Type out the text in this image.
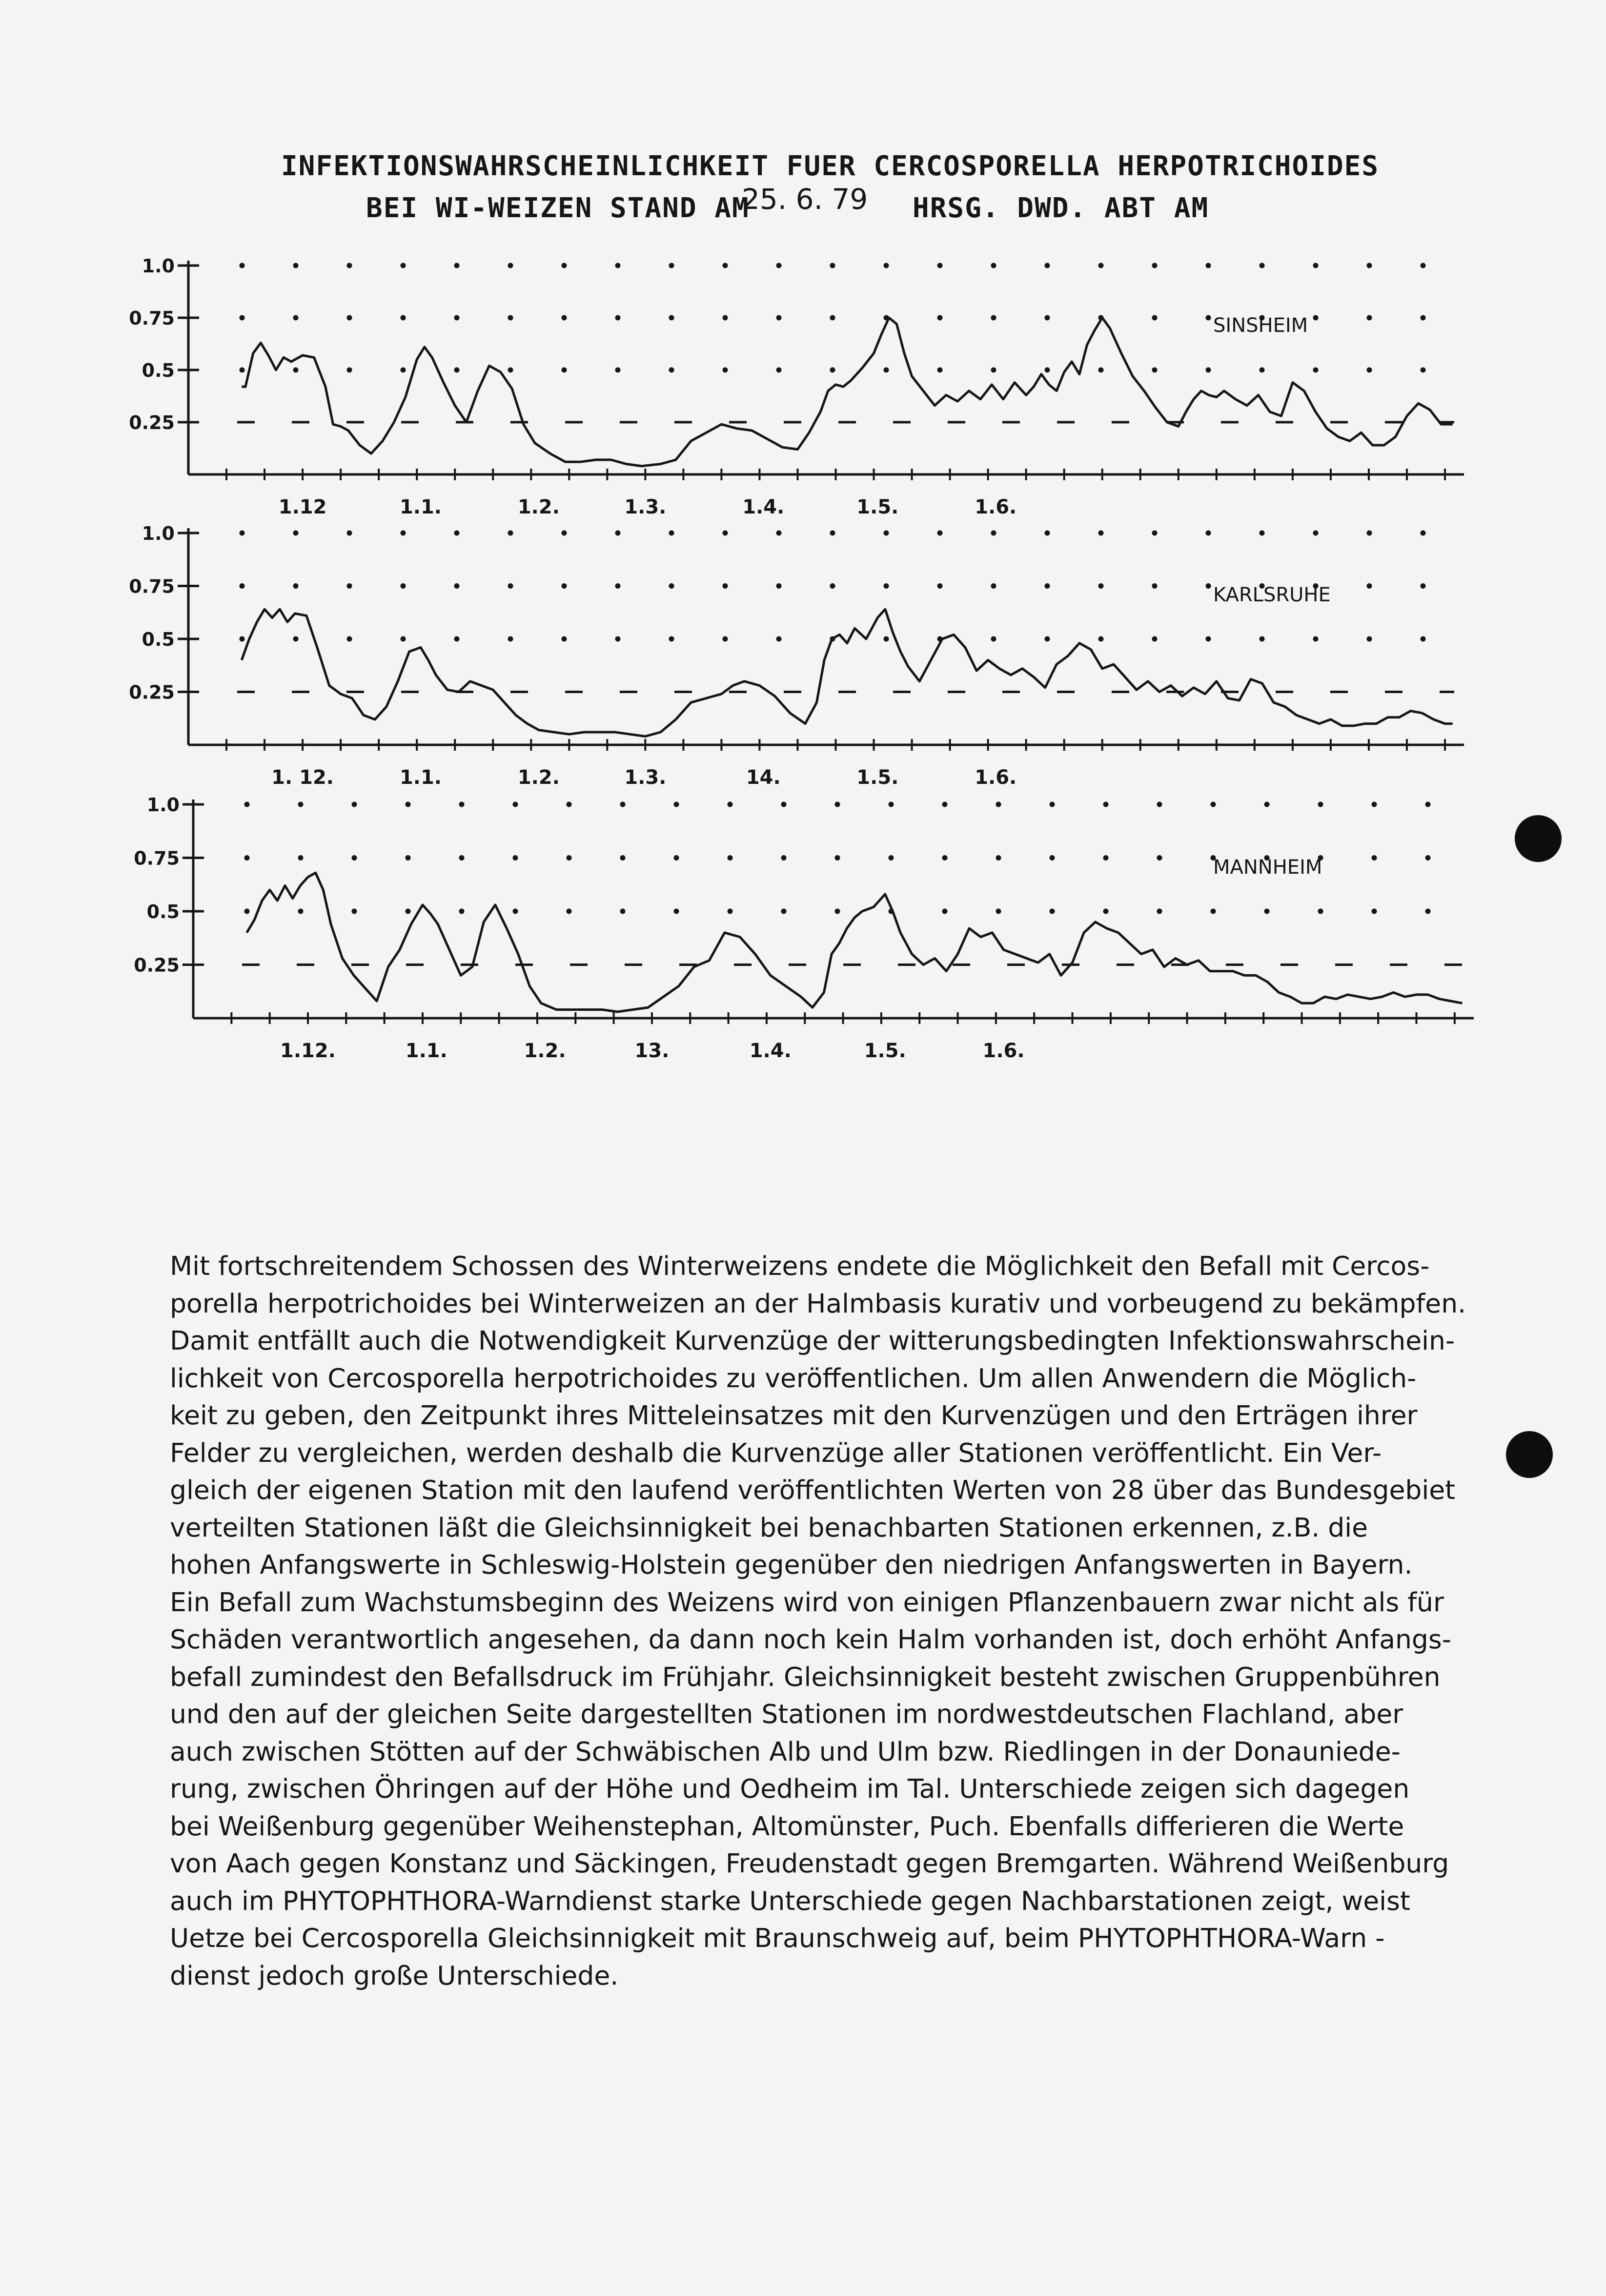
INFEKTIONSWAHRSCHEINLICHKEIT FUER CERCOSPORELLA HERPOTRICHOIDES
BEI WI-WEIZEN STAND AM
25. 6. 79 HRSG. DWD. ABT AM
1.0
0.75
0.5
0.25
1.12	1.1.	1.2.	1.3.	1.4.	1.5.	1.6.
SINSHEIM
1.0
0.75
0.5
0.25
1. 12.	1.1.	1.2.	1.3.	14.	1.5.	1.6.
KARLSRUHE
1.0
0.75
0.5
0.25
1.12.	1.1.	1.2.	13.	1.4.	1.5.	1.6.
MANNHEIM
Mit fortschreitendem Schossen des Winterweizens endete die Möglichkeit den Befall mit Cercos-
porella herpotrichoides bei Winterweizen an der Halmbasis kurativ und vorbeugend zu bekämpfen.
Damit entfällt auch die Notwendigkeit Kurvenzüge der witterungsbedingten Infektionswahrschein-
lichkeit von Cercosporella herpotrichoides zu veröffentlichen. Um allen Anwendern die Möglich-
keit zu geben, den Zeitpunkt ihres Mitteleinsatzes mit den Kurvenzügen und den Erträgen ihrer
Felder zu vergleichen, werden deshalb die Kurvenzüge aller Stationen veröffentlicht. Ein Ver-
gleich der eigenen Station mit den laufend veröffentlichten Werten von 28 über das Bundesgebiet
verteilten Stationen läßt die Gleichsinnigkeit bei benachbarten Stationen erkennen, z.B. die
hohen Anfangswerte in Schleswig-Holstein gegenüber den niedrigen Anfangswerten in Bayern.
Ein Befall zum Wachstumsbeginn des Weizens wird von einigen Pflanzenbauern zwar nicht als für
Schäden verantwortlich angesehen, da dann noch kein Halm vorhanden ist, doch erhöht Anfangs-
befall zumindest den Befallsdruck im Frühjahr. Gleichsinnigkeit besteht zwischen Gruppenbühren
und den auf der gleichen Seite dargestellten Stationen im nordwestdeutschen Flachland, aber
auch zwischen Stötten auf der Schwäbischen Alb und Ulm bzw. Riedlingen in der Donauniede-
rung, zwischen Öhringen auf der Höhe und Oedheim im Tal. Unterschiede zeigen sich dagegen
bei Weißenburg gegenüber Weihenstephan, Altomünster, Puch. Ebenfalls differieren die Werte
von Aach gegen Konstanz und Säckingen, Freudenstadt gegen Bremgarten. Während Weißenburg
auch im PHYTOPHTHORA-Warndienst starke Unterschiede gegen Nachbarstationen zeigt, weist
Uetze bei Cercosporella Gleichsinnigkeit mit Braunschweig auf, beim PHYTOPHTHORA-Warn -
dienst jedoch große Unterschiede.
